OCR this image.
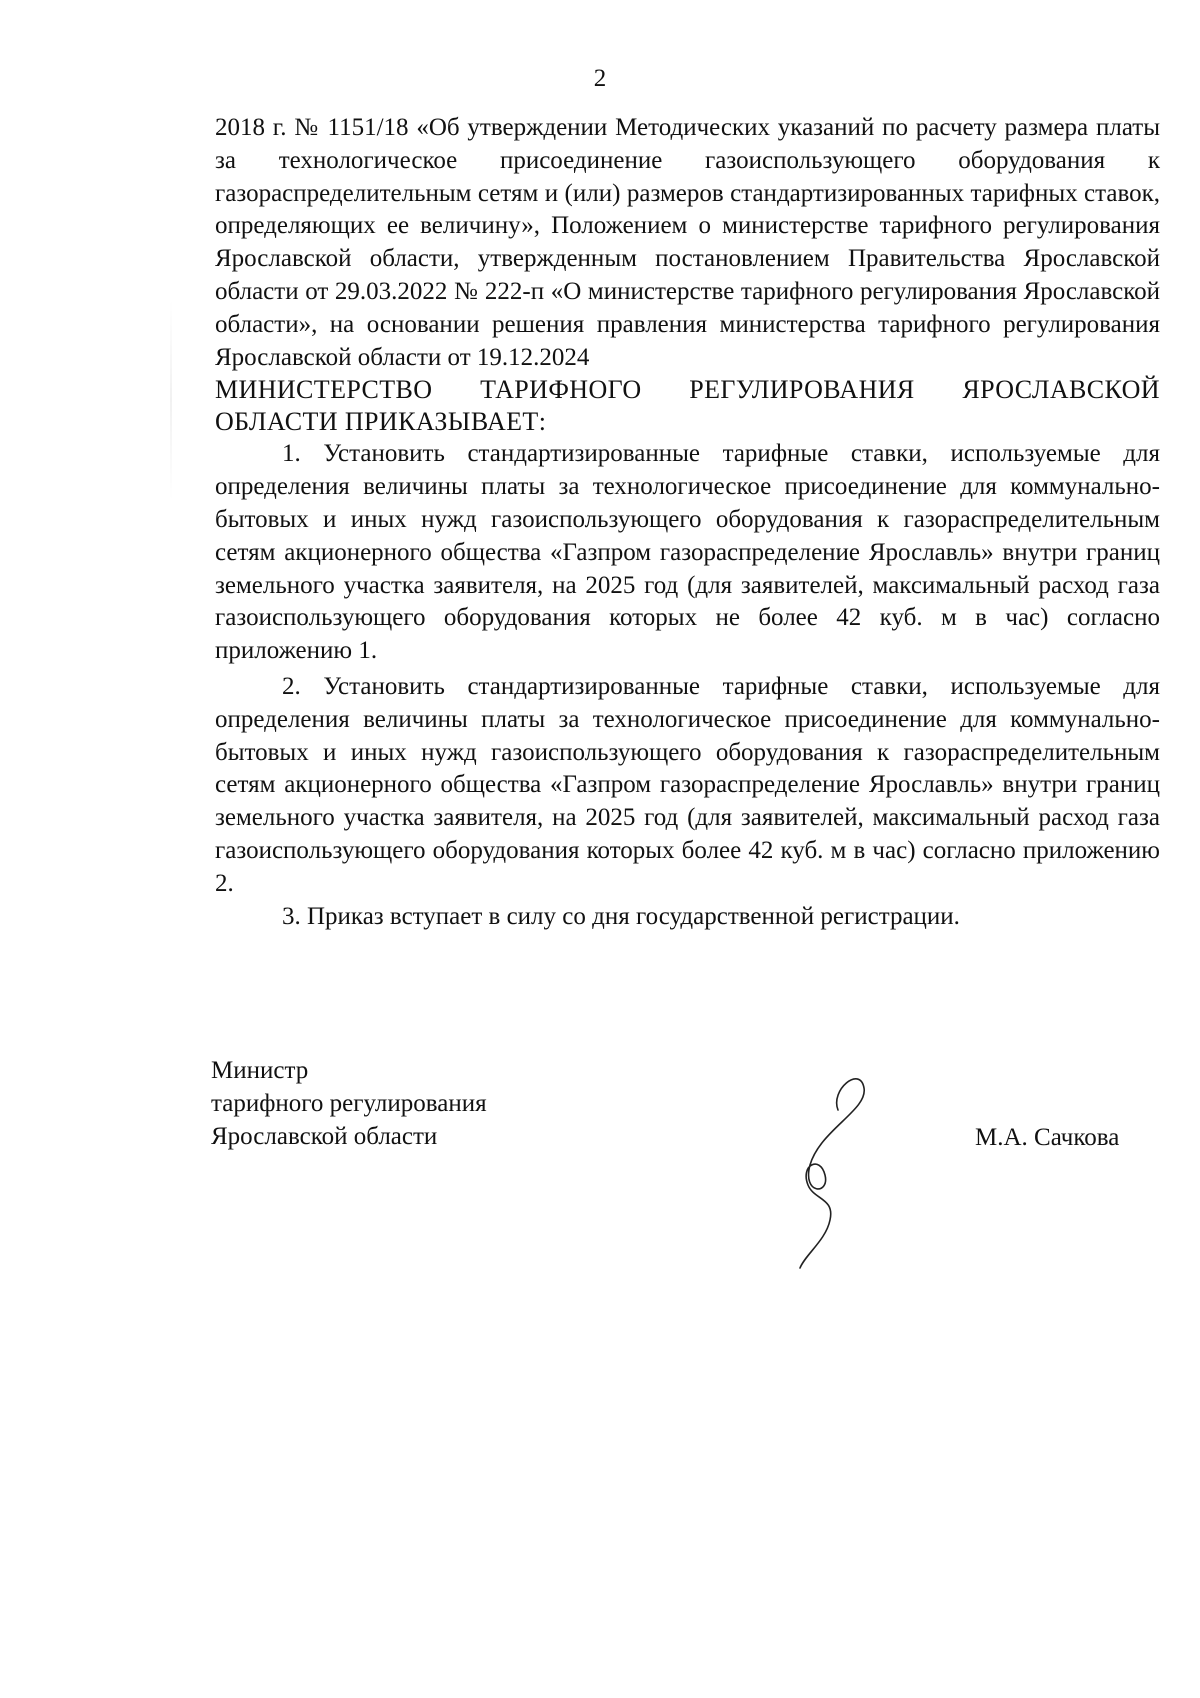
2

2018 г. № 1151/18 «Об утверждении Методических указаний по расчету размера платы за технологическое присоединение газоиспользующего оборудования к газораспределительным сетям и (или) размеров стандартизированных тарифных ставок, определяющих ее величину», Положением о министерстве тарифного регулирования Ярославской области, утвержденным постановлением Правительства Ярославской области от 29.03.2022 № 222-п «О министерстве тарифного регулирования Ярославской области», на основании решения правления министерства тарифного регулирования Ярославской области от 19.12.2024

МИНИСТЕРСТВО ТАРИФНОГО РЕГУЛИРОВАНИЯ ЯРОСЛАВСКОЙ ОБЛАСТИ ПРИКАЗЫВАЕТ:

1. Установить стандартизированные тарифные ставки, используемые для определения величины платы за технологическое присоединение для коммунально-бытовых и иных нужд газоиспользующего оборудования к газораспределительным сетям акционерного общества «Газпром газораспределение Ярославль» внутри границ земельного участка заявителя, на 2025 год (для заявителей, максимальный расход газа газоиспользующего оборудования которых не более 42 куб. м в час) согласно приложению 1.

2. Установить стандартизированные тарифные ставки, используемые для определения величины платы за технологическое присоединение для коммунально-бытовых и иных нужд газоиспользующего оборудования к газораспределительным сетям акционерного общества «Газпром газораспределение Ярославль» внутри границ земельного участка заявителя, на 2025 год (для заявителей, максимальный расход газа газоиспользующего оборудования которых более 42 куб. м в час) согласно приложению 2.

3. Приказ вступает в силу со дня государственной регистрации.

Министр
тарифного регулирования
Ярославской области	М.А. Сачкова
